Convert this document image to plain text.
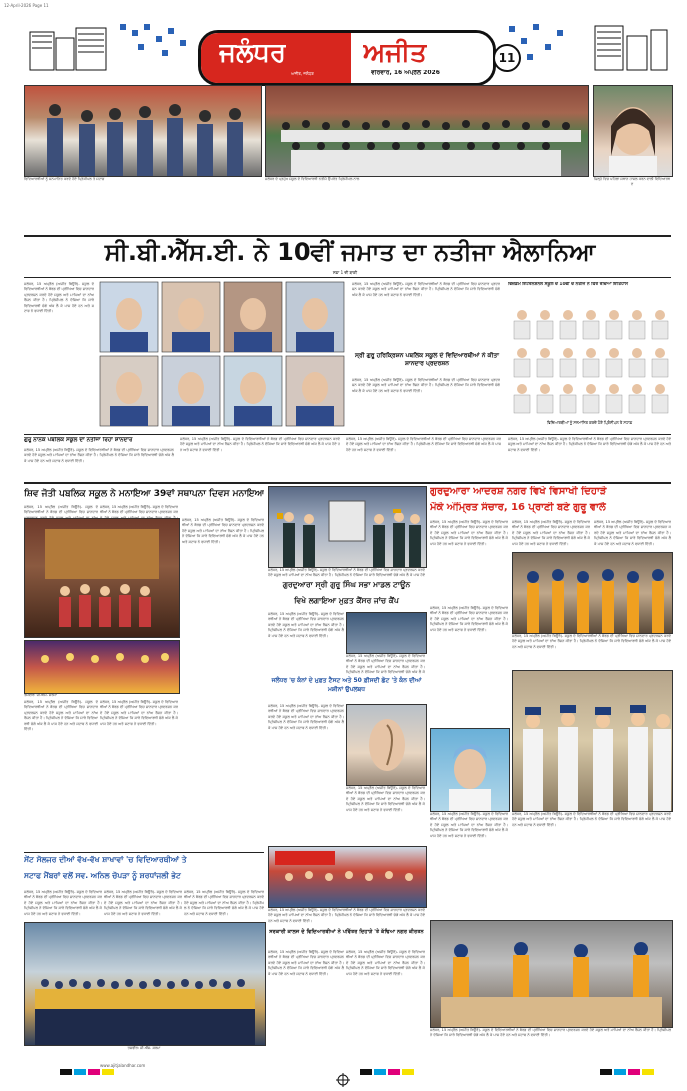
12-April-2026 Page 11
ਜਲੰਧਰ	ਅਜੀਤ
ਅਜੀਤ, ਜਲੰਧਰ	ਵੀਰਵਾਰ, 16 ਅਪ੍ਰੈਲ 2026
11
ਵਿਦਿਆਰਥੀਆਂ ਨੂੰ ਸਨਮਾਨਿਤ ਕਰਦੇ ਹੋਏ ਪ੍ਰਿੰਸੀਪਲ ਤੇ ਸਟਾਫ਼	ਜਲੰਧਰ ਦੇ ਪ੍ਰਮੁੱਖ ਸਕੂਲ ਦੇ ਵਿਦਿਆਰਥੀ ਨਤੀਜੇ ਉਪਰੰਤ ਪ੍ਰਿੰਸੀਪਲ ਨਾਲ	ਜ਼ਿਲ੍ਹੇ ਵਿਚ ਪਹਿਲਾ ਸਥਾਨ ਹਾਸਲ ਕਰਨ ਵਾਲੀ ਵਿਦਿਆਰਥਣ
ਸੀ.ਬੀ.ਐੱਸ.ਈ. ਨੇ 10ਵੀਂ ਜਮਾਤ ਦਾ ਨਤੀਜਾ ਐਲਾਨਿਆ
ਸਫ਼ਾ 1 ਦੀ ਬਾਕੀ
ਜਲੰਧਰ, 15 ਅਪ੍ਰੈਲ (ਅਜੀਤ ਬਿਊਰੋ)- ਸਕੂਲ ਦੇ ਵਿਦਿਆਰਥੀਆਂ ਨੇ ਬੋਰਡ ਦੀ ਪ੍ਰੀਖਿਆ ਵਿਚ ਸ਼ਾਨਦਾਰ ਪ੍ਰਦਰਸ਼ਨ ਕਰਦੇ ਹੋਏ ਸਕੂਲ ਅਤੇ ਮਾਪਿਆਂ ਦਾ ਨਾਂਅ ਰੌਸ਼ਨ ਕੀਤਾ ਹੈ। ਪ੍ਰਿੰਸੀਪਲ ਨੇ ਦੱਸਿਆ ਕਿ ਸਾਰੇ ਵਿਦਿਆਰਥੀ ਚੰਗੇ ਅੰਕ ਲੈ ਕੇ ਪਾਸ ਹੋਏ ਹਨ ਅਤੇ ਸਟਾਫ ਨੇ ਵਧਾਈ ਦਿੱਤੀ।
ਜਲੰਧਰ, 15 ਅਪ੍ਰੈਲ (ਅਜੀਤ ਬਿਊਰੋ)- ਸਕੂਲ ਦੇ ਵਿਦਿਆਰਥੀਆਂ ਨੇ ਬੋਰਡ ਦੀ ਪ੍ਰੀਖਿਆ ਵਿਚ ਸ਼ਾਨਦਾਰ ਪ੍ਰਦਰਸ਼ਨ ਕਰਦੇ ਹੋਏ ਸਕੂਲ ਅਤੇ ਮਾਪਿਆਂ ਦਾ ਨਾਂਅ ਰੌਸ਼ਨ ਕੀਤਾ ਹੈ। ਪ੍ਰਿੰਸੀਪਲ ਨੇ ਦੱਸਿਆ ਕਿ ਸਾਰੇ ਵਿਦਿਆਰਥੀ ਚੰਗੇ ਅੰਕ ਲੈ ਕੇ ਪਾਸ ਹੋਏ ਹਨ ਅਤੇ ਸਟਾਫ ਨੇ ਵਧਾਈ ਦਿੱਤੀ।
ਸ੍ਰੀ ਗੁਰੂ ਹਰਿਕ੍ਰਿਸ਼ਨ ਪਬਲਿਕ ਸਕੂਲ ਦੇ ਵਿਦਿਆਰਥੀਆਂ ਨੇ ਕੀਤਾ ਸ਼ਾਨਦਾਰ ਪ੍ਰਦਰਸ਼ਨ
ਜਲੰਧਰ, 15 ਅਪ੍ਰੈਲ (ਅਜੀਤ ਬਿਊਰੋ)- ਸਕੂਲ ਦੇ ਵਿਦਿਆਰਥੀਆਂ ਨੇ ਬੋਰਡ ਦੀ ਪ੍ਰੀਖਿਆ ਵਿਚ ਸ਼ਾਨਦਾਰ ਪ੍ਰਦਰਸ਼ਨ ਕਰਦੇ ਹੋਏ ਸਕੂਲ ਅਤੇ ਮਾਪਿਆਂ ਦਾ ਨਾਂਅ ਰੌਸ਼ਨ ਕੀਤਾ ਹੈ। ਪ੍ਰਿੰਸੀਪਲ ਨੇ ਦੱਸਿਆ ਕਿ ਸਾਰੇ ਵਿਦਿਆਰਥੀ ਚੰਗੇ ਅੰਕ ਲੈ ਕੇ ਪਾਸ ਹੋਏ ਹਨ ਅਤੇ ਸਟਾਫ ਨੇ ਵਧਾਈ ਦਿੱਤੀ।
ਵਿਜ਼ਡਮ ਇੰਟਰਨੈਸ਼ਨਲ ਸਕੂਲ ਦੇ 10ਵੀਂ ਦੇ ਨਤੀਜੇ ਨੇ ਫਿਰ ਰਚਿਆ ਇਤਿਹਾਸ
ਵਿਦਿਆਰਥੀਆਂ ਨੂੰ ਸਨਮਾਨਿਤ ਕਰਦੇ ਹੋਏ ਪ੍ਰਿੰਸੀਪਲ ਤੇ ਸਟਾਫ਼
ਗੁਰੂ ਨਾਨਕ ਪਬਲਿਕ ਸਕੂਲ ਦਾ ਨਤੀਜਾ ਰਿਹਾ ਸ਼ਾਨਦਾਰ
ਜਲੰਧਰ, 15 ਅਪ੍ਰੈਲ (ਅਜੀਤ ਬਿਊਰੋ)- ਸਕੂਲ ਦੇ ਵਿਦਿਆਰਥੀਆਂ ਨੇ ਬੋਰਡ ਦੀ ਪ੍ਰੀਖਿਆ ਵਿਚ ਸ਼ਾਨਦਾਰ ਪ੍ਰਦਰਸ਼ਨ ਕਰਦੇ ਹੋਏ ਸਕੂਲ ਅਤੇ ਮਾਪਿਆਂ ਦਾ ਨਾਂਅ ਰੌਸ਼ਨ ਕੀਤਾ ਹੈ। ਪ੍ਰਿੰਸੀਪਲ ਨੇ ਦੱਸਿਆ ਕਿ ਸਾਰੇ ਵਿਦਿਆਰਥੀ ਚੰਗੇ ਅੰਕ ਲੈ ਕੇ ਪਾਸ ਹੋਏ ਹਨ ਅਤੇ ਸਟਾਫ ਨੇ ਵਧਾਈ ਦਿੱਤੀ।
ਜਲੰਧਰ, 15 ਅਪ੍ਰੈਲ (ਅਜੀਤ ਬਿਊਰੋ)- ਸਕੂਲ ਦੇ ਵਿਦਿਆਰਥੀਆਂ ਨੇ ਬੋਰਡ ਦੀ ਪ੍ਰੀਖਿਆ ਵਿਚ ਸ਼ਾਨਦਾਰ ਪ੍ਰਦਰਸ਼ਨ ਕਰਦੇ ਹੋਏ ਸਕੂਲ ਅਤੇ ਮਾਪਿਆਂ ਦਾ ਨਾਂਅ ਰੌਸ਼ਨ ਕੀਤਾ ਹੈ। ਪ੍ਰਿੰਸੀਪਲ ਨੇ ਦੱਸਿਆ ਕਿ ਸਾਰੇ ਵਿਦਿਆਰਥੀ ਚੰਗੇ ਅੰਕ ਲੈ ਕੇ ਪਾਸ ਹੋਏ ਹਨ ਅਤੇ ਸਟਾਫ ਨੇ ਵਧਾਈ ਦਿੱਤੀ।
ਜਲੰਧਰ, 15 ਅਪ੍ਰੈਲ (ਅਜੀਤ ਬਿਊਰੋ)- ਸਕੂਲ ਦੇ ਵਿਦਿਆਰਥੀਆਂ ਨੇ ਬੋਰਡ ਦੀ ਪ੍ਰੀਖਿਆ ਵਿਚ ਸ਼ਾਨਦਾਰ ਪ੍ਰਦਰਸ਼ਨ ਕਰਦੇ ਹੋਏ ਸਕੂਲ ਅਤੇ ਮਾਪਿਆਂ ਦਾ ਨਾਂਅ ਰੌਸ਼ਨ ਕੀਤਾ ਹੈ। ਪ੍ਰਿੰਸੀਪਲ ਨੇ ਦੱਸਿਆ ਕਿ ਸਾਰੇ ਵਿਦਿਆਰਥੀ ਚੰਗੇ ਅੰਕ ਲੈ ਕੇ ਪਾਸ ਹੋਏ ਹਨ ਅਤੇ ਸਟਾਫ ਨੇ ਵਧਾਈ ਦਿੱਤੀ।
ਜਲੰਧਰ, 15 ਅਪ੍ਰੈਲ (ਅਜੀਤ ਬਿਊਰੋ)- ਸਕੂਲ ਦੇ ਵਿਦਿਆਰਥੀਆਂ ਨੇ ਬੋਰਡ ਦੀ ਪ੍ਰੀਖਿਆ ਵਿਚ ਸ਼ਾਨਦਾਰ ਪ੍ਰਦਰਸ਼ਨ ਕਰਦੇ ਹੋਏ ਸਕੂਲ ਅਤੇ ਮਾਪਿਆਂ ਦਾ ਨਾਂਅ ਰੌਸ਼ਨ ਕੀਤਾ ਹੈ। ਪ੍ਰਿੰਸੀਪਲ ਨੇ ਦੱਸਿਆ ਕਿ ਸਾਰੇ ਵਿਦਿਆਰਥੀ ਚੰਗੇ ਅੰਕ ਲੈ ਕੇ ਪਾਸ ਹੋਏ ਹਨ ਅਤੇ ਸਟਾਫ ਨੇ ਵਧਾਈ ਦਿੱਤੀ।
ਸ਼ਿਵ ਜੋਤੀ ਪਬਲਿਕ ਸਕੂਲ ਨੇ ਮਨਾਇਆ 39ਵਾਂ ਸਥਾਪਨਾ ਦਿਵਸ ਮਨਾਇਆ	ਗੁਰਦੁਆਰਾ ਆਦਰਸ਼ ਨਗਰ ਵਿਖੇ ਵਿਸਾਖੀ ਦਿਹਾੜੇ
ਮੌਕੇ ਅੰਮ੍ਰਿਤ ਸੰਚਾਰ, 16 ਪ੍ਰਾਣੀ ਬਣੇ ਗੁਰੂ ਵਾਲੇ
ਜਲੰਧਰ, 15 ਅਪ੍ਰੈਲ (ਅਜੀਤ ਬਿਊਰੋ)- ਸਕੂਲ ਦੇ ਵਿਦਿਆਰਥੀਆਂ ਨੇ ਬੋਰਡ ਦੀ ਪ੍ਰੀਖਿਆ ਵਿਚ ਸ਼ਾਨਦਾਰ ਪ੍ਰਦਰਸ਼ਨ ਕਰਦੇ ਹੋਏ ਸਕੂਲ ਅਤੇ ਮਾਪਿਆਂ ਦਾ ਨਾਂਅ
ਜਲੰਧਰ, 15 ਅਪ੍ਰੈਲ (ਅਜੀਤ ਬਿਊਰੋ)- ਸਕੂਲ ਦੇ ਵਿਦਿਆਰਥੀਆਂ ਨੇ ਬੋਰਡ ਦੀ ਪ੍ਰੀਖਿਆ ਵਿਚ ਸ਼ਾਨਦਾਰ ਪ੍ਰਦਰਸ਼ਨ ਕਰਦੇ ਹੋਏ ਸਕੂਲ ਅਤੇ ਮਾਪਿਆਂ ਦਾ ਨਾਂਅ ਰੌਸ਼ਨ ਕੀਤਾ ਹੈ।
ਤਸਵੀਰ: ਜੀ.ਐੱਸ. ਸਰਮਾ
ਜਲੰਧਰ, 15 ਅਪ੍ਰੈਲ (ਅਜੀਤ ਬਿਊਰੋ)- ਸਕੂਲ ਦੇ ਵਿਦਿਆਰਥੀਆਂ ਨੇ ਬੋਰਡ ਦੀ ਪ੍ਰੀਖਿਆ ਵਿਚ ਸ਼ਾਨਦਾਰ ਪ੍ਰਦਰਸ਼ਨ ਕਰਦੇ ਹੋਏ ਸਕੂਲ ਅਤੇ ਮਾਪਿਆਂ ਦਾ ਨਾਂਅ ਰੌਸ਼ਨ ਕੀਤਾ ਹੈ। ਪ੍ਰਿੰਸੀਪਲ ਨੇ ਦੱਸਿਆ ਕਿ ਸਾਰੇ ਵਿਦਿਆਰਥੀ ਚੰਗੇ ਅੰਕ ਲੈ ਕੇ ਪਾਸ ਹੋਏ ਹਨ ਅਤੇ ਸਟਾਫ ਨੇ ਵਧਾਈ ਦਿੱਤੀ।
ਜਲੰਧਰ, 15 ਅਪ੍ਰੈਲ (ਅਜੀਤ ਬਿਊਰੋ)- ਸਕੂਲ ਦੇ ਵਿਦਿਆਰਥੀਆਂ ਨੇ ਬੋਰਡ ਦੀ ਪ੍ਰੀਖਿਆ ਵਿਚ ਸ਼ਾਨਦਾਰ ਪ੍ਰਦਰਸ਼ਨ ਕਰਦੇ ਹੋਏ ਸਕੂਲ ਅਤੇ ਮਾਪਿਆਂ ਦਾ ਨਾਂਅ ਰੌਸ਼ਨ ਕੀਤਾ ਹੈ। ਪ੍ਰਿੰਸੀਪਲ ਨੇ ਦੱਸਿਆ ਕਿ ਸਾਰੇ ਵਿਦਿਆਰਥੀ ਚੰਗੇ ਅੰਕ ਲੈ ਕੇ ਪਾਸ ਹੋਏ ਹਨ ਅਤੇ ਸਟਾਫ ਨੇ ਵਧਾਈ ਦਿੱਤੀ।
ਜਲੰਧਰ, 15 ਅਪ੍ਰੈਲ (ਅਜੀਤ ਬਿਊਰੋ)- ਸਕੂਲ ਦੇ ਵਿਦਿਆਰਥੀਆਂ ਨੇ ਬੋਰਡ ਦੀ ਪ੍ਰੀਖਿਆ ਵਿਚ ਸ਼ਾਨਦਾਰ ਪ੍ਰਦਰਸ਼ਨ ਕਰਦੇ ਹੋਏ ਸਕੂਲ ਅਤੇ ਮਾਪਿਆਂ ਦਾ ਨਾਂਅ ਰੌਸ਼ਨ ਕੀਤਾ ਹੈ। ਪ੍ਰਿੰਸੀਪਲ ਨੇ ਦੱਸਿਆ ਕਿ ਸਾਰੇ ਵਿਦਿਆਰਥੀ ਚੰਗੇ ਅੰਕ ਲੈ ਕੇ ਪਾਸ ਹੋਏ ਹਨ ਅਤੇ ਸਟਾਫ ਨੇ ਵਧਾਈ ਦਿੱਤੀ।
ਜਲੰਧਰ, 15 ਅਪ੍ਰੈਲ (ਅਜੀਤ ਬਿਊਰੋ)- ਸਕੂਲ ਦੇ ਵਿਦਿਆਰਥੀਆਂ ਨੇ ਬੋਰਡ ਦੀ ਪ੍ਰੀਖਿਆ ਵਿਚ ਸ਼ਾਨਦਾਰ ਪ੍ਰਦਰਸ਼ਨ ਕਰਦੇ ਹੋਏ ਸਕੂਲ ਅਤੇ ਮਾਪਿਆਂ ਦਾ ਨਾਂਅ ਰੌਸ਼ਨ ਕੀਤਾ ਹੈ। ਪ੍ਰਿੰਸੀਪਲ ਨੇ ਦੱਸਿਆ ਕਿ ਸਾਰੇ ਵਿਦਿਆਰਥੀ ਚੰਗੇ ਅੰਕ ਲੈ ਕੇ ਪਾਸ ਹੋਏ
ਗੁਰਦੁਆਰਾ ਸ੍ਰੀ ਗੁਰੂ ਸਿੰਘ ਸਭਾ ਮਾਡਲ ਟਾਊਨ
ਵਿਖੇ ਲਗਾਇਆ ਮੁਫ਼ਤ ਕੈਂਸਰ ਜਾਂਚ ਕੈਂਪ
ਜਲੰਧਰ, 15 ਅਪ੍ਰੈਲ (ਅਜੀਤ ਬਿਊਰੋ)- ਸਕੂਲ ਦੇ ਵਿਦਿਆਰਥੀਆਂ ਨੇ ਬੋਰਡ ਦੀ ਪ੍ਰੀਖਿਆ ਵਿਚ ਸ਼ਾਨਦਾਰ ਪ੍ਰਦਰਸ਼ਨ ਕਰਦੇ ਹੋਏ ਸਕੂਲ ਅਤੇ ਮਾਪਿਆਂ ਦਾ ਨਾਂਅ ਰੌਸ਼ਨ ਕੀਤਾ ਹੈ। ਪ੍ਰਿੰਸੀਪਲ ਨੇ ਦੱਸਿਆ ਕਿ ਸਾਰੇ ਵਿਦਿਆਰਥੀ ਚੰਗੇ ਅੰਕ ਲੈ ਕੇ ਪਾਸ ਹੋਏ ਹਨ ਅਤੇ ਸਟਾਫ ਨੇ ਵਧਾਈ ਦਿੱਤੀ।
ਜਲੰਧਰ, 15 ਅਪ੍ਰੈਲ (ਅਜੀਤ ਬਿਊਰੋ)- ਸਕੂਲ ਦੇ ਵਿਦਿਆਰਥੀਆਂ ਨੇ ਬੋਰਡ ਦੀ ਪ੍ਰੀਖਿਆ ਵਿਚ ਸ਼ਾਨਦਾਰ ਪ੍ਰਦਰਸ਼ਨ ਕਰਦੇ ਹੋਏ ਸਕੂਲ ਅਤੇ ਮਾਪਿਆਂ ਦਾ ਨਾਂਅ ਰੌਸ਼ਨ ਕੀਤਾ ਹੈ। ਪ੍ਰਿੰਸੀਪਲ ਨੇ ਦੱਸਿਆ ਕਿ ਸਾਰੇ ਵਿਦਿਆਰਥੀ ਚੰਗੇ ਅੰਕ ਲੈ ਕੇ
ਜਲੰਧਰ 'ਚ ਕੰਨਾਂ ਦੇ ਮੁਫ਼ਤ ਟੈਸਟ ਅਤੇ 50 ਫ਼ੀਸਦੀ ਛੋਟ 'ਤੇ ਕੰਨ ਦੀਆਂ ਮਸ਼ੀਨਾਂ ਉਪਲਬਧ
ਜਲੰਧਰ, 15 ਅਪ੍ਰੈਲ (ਅਜੀਤ ਬਿਊਰੋ)- ਸਕੂਲ ਦੇ ਵਿਦਿਆਰਥੀਆਂ ਨੇ ਬੋਰਡ ਦੀ ਪ੍ਰੀਖਿਆ ਵਿਚ ਸ਼ਾਨਦਾਰ ਪ੍ਰਦਰਸ਼ਨ ਕਰਦੇ ਹੋਏ ਸਕੂਲ ਅਤੇ ਮਾਪਿਆਂ ਦਾ ਨਾਂਅ ਰੌਸ਼ਨ ਕੀਤਾ ਹੈ। ਪ੍ਰਿੰਸੀਪਲ ਨੇ ਦੱਸਿਆ ਕਿ ਸਾਰੇ ਵਿਦਿਆਰਥੀ ਚੰਗੇ ਅੰਕ ਲੈ ਕੇ ਪਾਸ ਹੋਏ ਹਨ ਅਤੇ ਸਟਾਫ ਨੇ ਵਧਾਈ ਦਿੱਤੀ।
ਜਲੰਧਰ, 15 ਅਪ੍ਰੈਲ (ਅਜੀਤ ਬਿਊਰੋ)- ਸਕੂਲ ਦੇ ਵਿਦਿਆਰਥੀਆਂ ਨੇ ਬੋਰਡ ਦੀ ਪ੍ਰੀਖਿਆ ਵਿਚ ਸ਼ਾਨਦਾਰ ਪ੍ਰਦਰਸ਼ਨ ਕਰਦੇ ਹੋਏ ਸਕੂਲ ਅਤੇ ਮਾਪਿਆਂ ਦਾ ਨਾਂਅ ਰੌਸ਼ਨ ਕੀਤਾ ਹੈ। ਪ੍ਰਿੰਸੀਪਲ ਨੇ ਦੱਸਿਆ ਕਿ ਸਾਰੇ ਵਿਦਿਆਰਥੀ ਚੰਗੇ ਅੰਕ ਲੈ ਕੇ ਪਾਸ ਹੋਏ ਹਨ ਅਤੇ ਸਟਾਫ ਨੇ ਵਧਾਈ ਦਿੱਤੀ।
ਜਲੰਧਰ, 15 ਅਪ੍ਰੈਲ (ਅਜੀਤ ਬਿਊਰੋ)- ਸਕੂਲ ਦੇ ਵਿਦਿਆਰਥੀਆਂ ਨੇ ਬੋਰਡ ਦੀ ਪ੍ਰੀਖਿਆ ਵਿਚ ਸ਼ਾਨਦਾਰ ਪ੍ਰਦਰਸ਼ਨ ਕਰਦੇ ਹੋਏ ਸਕੂਲ ਅਤੇ ਮਾਪਿਆਂ ਦਾ ਨਾਂਅ ਰੌਸ਼ਨ ਕੀਤਾ ਹੈ। ਪ੍ਰਿੰਸੀਪਲ ਨੇ ਦੱਸਿਆ ਕਿ ਸਾਰੇ ਵਿਦਿਆਰਥੀ ਚੰਗੇ ਅੰਕ ਲੈ ਕੇ ਪਾਸ ਹੋਏ ਹਨ ਅਤੇ ਸਟਾਫ ਨੇ ਵਧਾਈ ਦਿੱਤੀ।
ਜਲੰਧਰ, 15 ਅਪ੍ਰੈਲ (ਅਜੀਤ ਬਿਊਰੋ)- ਸਕੂਲ ਦੇ ਵਿਦਿਆਰਥੀਆਂ ਨੇ ਬੋਰਡ ਦੀ ਪ੍ਰੀਖਿਆ ਵਿਚ ਸ਼ਾਨਦਾਰ ਪ੍ਰਦਰਸ਼ਨ ਕਰਦੇ ਹੋਏ ਸਕੂਲ ਅਤੇ ਮਾਪਿਆਂ ਦਾ ਨਾਂਅ ਰੌਸ਼ਨ ਕੀਤਾ ਹੈ। ਪ੍ਰਿੰਸੀਪਲ ਨੇ ਦੱਸਿਆ ਕਿ ਸਾਰੇ ਵਿਦਿਆਰਥੀ ਚੰਗੇ ਅੰਕ ਲੈ ਕੇ ਪਾਸ ਹੋਏ ਹਨ ਅਤੇ ਸਟਾਫ ਨੇ ਵਧਾਈ ਦਿੱਤੀ।
ਜਲੰਧਰ, 15 ਅਪ੍ਰੈਲ (ਅਜੀਤ ਬਿਊਰੋ)- ਸਕੂਲ ਦੇ ਵਿਦਿਆਰਥੀਆਂ ਨੇ ਬੋਰਡ ਦੀ ਪ੍ਰੀਖਿਆ ਵਿਚ ਸ਼ਾਨਦਾਰ ਪ੍ਰਦਰਸ਼ਨ ਕਰਦੇ ਹੋਏ ਸਕੂਲ ਅਤੇ ਮਾਪਿਆਂ ਦਾ ਨਾਂਅ ਰੌਸ਼ਨ ਕੀਤਾ ਹੈ। ਪ੍ਰਿੰਸੀਪਲ ਨੇ ਦੱਸਿਆ ਕਿ ਸਾਰੇ ਵਿਦਿਆਰਥੀ ਚੰਗੇ ਅੰਕ ਲੈ ਕੇ ਪਾਸ ਹੋਏ ਹਨ ਅਤੇ ਸਟਾਫ ਨੇ ਵਧਾਈ ਦਿੱਤੀ।
ਜਲੰਧਰ, 15 ਅਪ੍ਰੈਲ (ਅਜੀਤ ਬਿਊਰੋ)- ਸਕੂਲ ਦੇ ਵਿਦਿਆਰਥੀਆਂ ਨੇ ਬੋਰਡ ਦੀ ਪ੍ਰੀਖਿਆ ਵਿਚ ਸ਼ਾਨਦਾਰ ਪ੍ਰਦਰਸ਼ਨ ਕਰਦੇ ਹੋਏ ਸਕੂਲ ਅਤੇ ਮਾਪਿਆਂ ਦਾ ਨਾਂਅ ਰੌਸ਼ਨ ਕੀਤਾ ਹੈ। ਪ੍ਰਿੰਸੀਪਲ ਨੇ ਦੱਸਿਆ ਕਿ ਸਾਰੇ ਵਿਦਿਆਰਥੀ ਚੰਗੇ ਅੰਕ ਲੈ ਕੇ ਪਾਸ ਹੋਏ ਹਨ ਅਤੇ ਸਟਾਫ ਨੇ ਵਧਾਈ ਦਿੱਤੀ।
ਜਲੰਧਰ, 15 ਅਪ੍ਰੈਲ (ਅਜੀਤ ਬਿਊਰੋ)- ਸਕੂਲ ਦੇ ਵਿਦਿਆਰਥੀਆਂ ਨੇ ਬੋਰਡ ਦੀ ਪ੍ਰੀਖਿਆ ਵਿਚ ਸ਼ਾਨਦਾਰ ਪ੍ਰਦਰਸ਼ਨ ਕਰਦੇ ਹੋਏ ਸਕੂਲ ਅਤੇ ਮਾਪਿਆਂ ਦਾ ਨਾਂਅ ਰੌਸ਼ਨ ਕੀਤਾ ਹੈ। ਪ੍ਰਿੰਸੀਪਲ ਨੇ ਦੱਸਿਆ ਕਿ ਸਾਰੇ ਵਿਦਿਆਰਥੀ ਚੰਗੇ ਅੰਕ ਲੈ ਕੇ ਪਾਸ ਹੋਏ ਹਨ ਅਤੇ ਸਟਾਫ ਨੇ ਵਧਾਈ ਦਿੱਤੀ।
ਜਲੰਧਰ, 15 ਅਪ੍ਰੈਲ (ਅਜੀਤ ਬਿਊਰੋ)- ਸਕੂਲ ਦੇ ਵਿਦਿਆਰਥੀਆਂ ਨੇ ਬੋਰਡ ਦੀ ਪ੍ਰੀਖਿਆ ਵਿਚ ਸ਼ਾਨਦਾਰ ਪ੍ਰਦਰਸ਼ਨ ਕਰਦੇ ਹੋਏ ਸਕੂਲ ਅਤੇ ਮਾਪਿਆਂ ਦਾ ਨਾਂਅ ਰੌਸ਼ਨ ਕੀਤਾ ਹੈ। ਪ੍ਰਿੰਸੀਪਲ ਨੇ ਦੱਸਿਆ ਕਿ ਸਾਰੇ ਵਿਦਿਆਰਥੀ ਚੰਗੇ ਅੰਕ ਲੈ ਕੇ ਪਾਸ ਹੋਏ ਹਨ ਅਤੇ ਸਟਾਫ ਨੇ ਵਧਾਈ ਦਿੱਤੀ।
ਜਲੰਧਰ, 15 ਅਪ੍ਰੈਲ (ਅਜੀਤ ਬਿਊਰੋ)- ਸਕੂਲ ਦੇ ਵਿਦਿਆਰਥੀਆਂ ਨੇ ਬੋਰਡ ਦੀ ਪ੍ਰੀਖਿਆ ਵਿਚ ਸ਼ਾਨਦਾਰ ਪ੍ਰਦਰਸ਼ਨ ਕਰਦੇ ਹੋਏ ਸਕੂਲ ਅਤੇ ਮਾਪਿਆਂ ਦਾ ਨਾਂਅ ਰੌਸ਼ਨ ਕੀਤਾ ਹੈ। ਪ੍ਰਿੰਸੀਪਲ ਨੇ ਦੱਸਿਆ ਕਿ ਸਾਰੇ ਵਿਦਿਆਰਥੀ ਚੰਗੇ ਅੰਕ ਲੈ ਕੇ ਪਾਸ ਹੋਏ ਹਨ ਅਤੇ ਸਟਾਫ ਨੇ ਵਧਾਈ ਦਿੱਤੀ।
ਸੇਂਟ ਸੋਲਜਰ ਦੀਆਂ ਵੱਖ-ਵੱਖ ਸ਼ਾਖਾਵਾਂ 'ਚ ਵਿਦਿਆਰਥੀਆਂ ਤੇ
ਸਟਾਫ ਮੈਂਬਰਾਂ ਵਲੋਂ ਸਵ. ਅਨਿਲ ਚੋਪੜਾ ਨੂੰ ਸ਼ਰਧਾਂਜਲੀ ਭੇਟ
ਜਲੰਧਰ, 15 ਅਪ੍ਰੈਲ (ਅਜੀਤ ਬਿਊਰੋ)- ਸਕੂਲ ਦੇ ਵਿਦਿਆਰਥੀਆਂ ਨੇ ਬੋਰਡ ਦੀ ਪ੍ਰੀਖਿਆ ਵਿਚ ਸ਼ਾਨਦਾਰ ਪ੍ਰਦਰਸ਼ਨ ਕਰਦੇ ਹੋਏ ਸਕੂਲ ਅਤੇ ਮਾਪਿਆਂ ਦਾ ਨਾਂਅ ਰੌਸ਼ਨ ਕੀਤਾ ਹੈ। ਪ੍ਰਿੰਸੀਪਲ ਨੇ ਦੱਸਿਆ ਕਿ ਸਾਰੇ ਵਿਦਿਆਰਥੀ ਚੰਗੇ ਅੰਕ ਲੈ ਕੇ ਪਾਸ ਹੋਏ ਹਨ ਅਤੇ ਸਟਾਫ ਨੇ ਵਧਾਈ ਦਿੱਤੀ।
ਜਲੰਧਰ, 15 ਅਪ੍ਰੈਲ (ਅਜੀਤ ਬਿਊਰੋ)- ਸਕੂਲ ਦੇ ਵਿਦਿਆਰਥੀਆਂ ਨੇ ਬੋਰਡ ਦੀ ਪ੍ਰੀਖਿਆ ਵਿਚ ਸ਼ਾਨਦਾਰ ਪ੍ਰਦਰਸ਼ਨ ਕਰਦੇ ਹੋਏ ਸਕੂਲ ਅਤੇ ਮਾਪਿਆਂ ਦਾ ਨਾਂਅ ਰੌਸ਼ਨ ਕੀਤਾ ਹੈ। ਪ੍ਰਿੰਸੀਪਲ ਨੇ ਦੱਸਿਆ ਕਿ ਸਾਰੇ ਵਿਦਿਆਰਥੀ ਚੰਗੇ ਅੰਕ ਲੈ ਕੇ ਪਾਸ ਹੋਏ ਹਨ ਅਤੇ ਸਟਾਫ ਨੇ ਵਧਾਈ ਦਿੱਤੀ।
ਜਲੰਧਰ, 15 ਅਪ੍ਰੈਲ (ਅਜੀਤ ਬਿਊਰੋ)- ਸਕੂਲ ਦੇ ਵਿਦਿਆਰਥੀਆਂ ਨੇ ਬੋਰਡ ਦੀ ਪ੍ਰੀਖਿਆ ਵਿਚ ਸ਼ਾਨਦਾਰ ਪ੍ਰਦਰਸ਼ਨ ਕਰਦੇ ਹੋਏ ਸਕੂਲ ਅਤੇ ਮਾਪਿਆਂ ਦਾ ਨਾਂਅ ਰੌਸ਼ਨ ਕੀਤਾ ਹੈ। ਪ੍ਰਿੰਸੀਪਲ ਨੇ ਦੱਸਿਆ ਕਿ ਸਾਰੇ ਵਿਦਿਆਰਥੀ ਚੰਗੇ ਅੰਕ ਲੈ ਕੇ ਪਾਸ ਹੋਏ ਹਨ ਅਤੇ ਸਟਾਫ ਨੇ ਵਧਾਈ ਦਿੱਤੀ।
ਤਸਵੀਰ: ਜੀ.ਐੱਸ. ਸਰਮਾ
ਜਲੰਧਰ, 15 ਅਪ੍ਰੈਲ (ਅਜੀਤ ਬਿਊਰੋ)- ਸਕੂਲ ਦੇ ਵਿਦਿਆਰਥੀਆਂ ਨੇ ਬੋਰਡ ਦੀ ਪ੍ਰੀਖਿਆ ਵਿਚ ਸ਼ਾਨਦਾਰ ਪ੍ਰਦਰਸ਼ਨ ਕਰਦੇ ਹੋਏ ਸਕੂਲ ਅਤੇ ਮਾਪਿਆਂ ਦਾ ਨਾਂਅ ਰੌਸ਼ਨ ਕੀਤਾ ਹੈ। ਪ੍ਰਿੰਸੀਪਲ ਨੇ ਦੱਸਿਆ ਕਿ ਸਾਰੇ ਵਿਦਿਆਰਥੀ ਚੰਗੇ ਅੰਕ ਲੈ ਕੇ ਪਾਸ ਹੋਏ ਹਨ ਅਤੇ ਸਟਾਫ ਨੇ ਵਧਾਈ ਦਿੱਤੀ।
ਸਰਕਾਰੀ ਕਾਲਜ ਦੇ ਵਿਦਿਆਰਥੀਆਂ ਨੇ ਪਵਿੱਤਰ ਦਿਹਾੜੇ 'ਤੇ ਕੱਢਿਆ ਨਗਰ ਕੀਰਤਨ
ਜਲੰਧਰ, 15 ਅਪ੍ਰੈਲ (ਅਜੀਤ ਬਿਊਰੋ)- ਸਕੂਲ ਦੇ ਵਿਦਿਆਰਥੀਆਂ ਨੇ ਬੋਰਡ ਦੀ ਪ੍ਰੀਖਿਆ ਵਿਚ ਸ਼ਾਨਦਾਰ ਪ੍ਰਦਰਸ਼ਨ ਕਰਦੇ ਹੋਏ ਸਕੂਲ ਅਤੇ ਮਾਪਿਆਂ ਦਾ ਨਾਂਅ ਰੌਸ਼ਨ ਕੀਤਾ ਹੈ। ਪ੍ਰਿੰਸੀਪਲ ਨੇ ਦੱਸਿਆ ਕਿ ਸਾਰੇ ਵਿਦਿਆਰਥੀ ਚੰਗੇ ਅੰਕ ਲੈ ਕੇ ਪਾਸ ਹੋਏ ਹਨ ਅਤੇ ਸਟਾਫ ਨੇ ਵਧਾਈ ਦਿੱਤੀ।
ਜਲੰਧਰ, 15 ਅਪ੍ਰੈਲ (ਅਜੀਤ ਬਿਊਰੋ)- ਸਕੂਲ ਦੇ ਵਿਦਿਆਰਥੀਆਂ ਨੇ ਬੋਰਡ ਦੀ ਪ੍ਰੀਖਿਆ ਵਿਚ ਸ਼ਾਨਦਾਰ ਪ੍ਰਦਰਸ਼ਨ ਕਰਦੇ ਹੋਏ ਸਕੂਲ ਅਤੇ ਮਾਪਿਆਂ ਦਾ ਨਾਂਅ ਰੌਸ਼ਨ ਕੀਤਾ ਹੈ। ਪ੍ਰਿੰਸੀਪਲ ਨੇ ਦੱਸਿਆ ਕਿ ਸਾਰੇ ਵਿਦਿਆਰਥੀ ਚੰਗੇ ਅੰਕ ਲੈ ਕੇ ਪਾਸ ਹੋਏ ਹਨ ਅਤੇ ਸਟਾਫ ਨੇ ਵਧਾਈ ਦਿੱਤੀ।
ਜਲੰਧਰ, 15 ਅਪ੍ਰੈਲ (ਅਜੀਤ ਬਿਊਰੋ)- ਸਕੂਲ ਦੇ ਵਿਦਿਆਰਥੀਆਂ ਨੇ ਬੋਰਡ ਦੀ ਪ੍ਰੀਖਿਆ ਵਿਚ ਸ਼ਾਨਦਾਰ ਪ੍ਰਦਰਸ਼ਨ ਕਰਦੇ ਹੋਏ ਸਕੂਲ ਅਤੇ ਮਾਪਿਆਂ ਦਾ ਨਾਂਅ ਰੌਸ਼ਨ ਕੀਤਾ ਹੈ। ਪ੍ਰਿੰਸੀਪਲ ਨੇ ਦੱਸਿਆ ਕਿ ਸਾਰੇ ਵਿਦਿਆਰਥੀ ਚੰਗੇ ਅੰਕ ਲੈ ਕੇ ਪਾਸ ਹੋਏ ਹਨ ਅਤੇ ਸਟਾਫ ਨੇ ਵਧਾਈ ਦਿੱਤੀ।
www.ajitjalandhar.com
